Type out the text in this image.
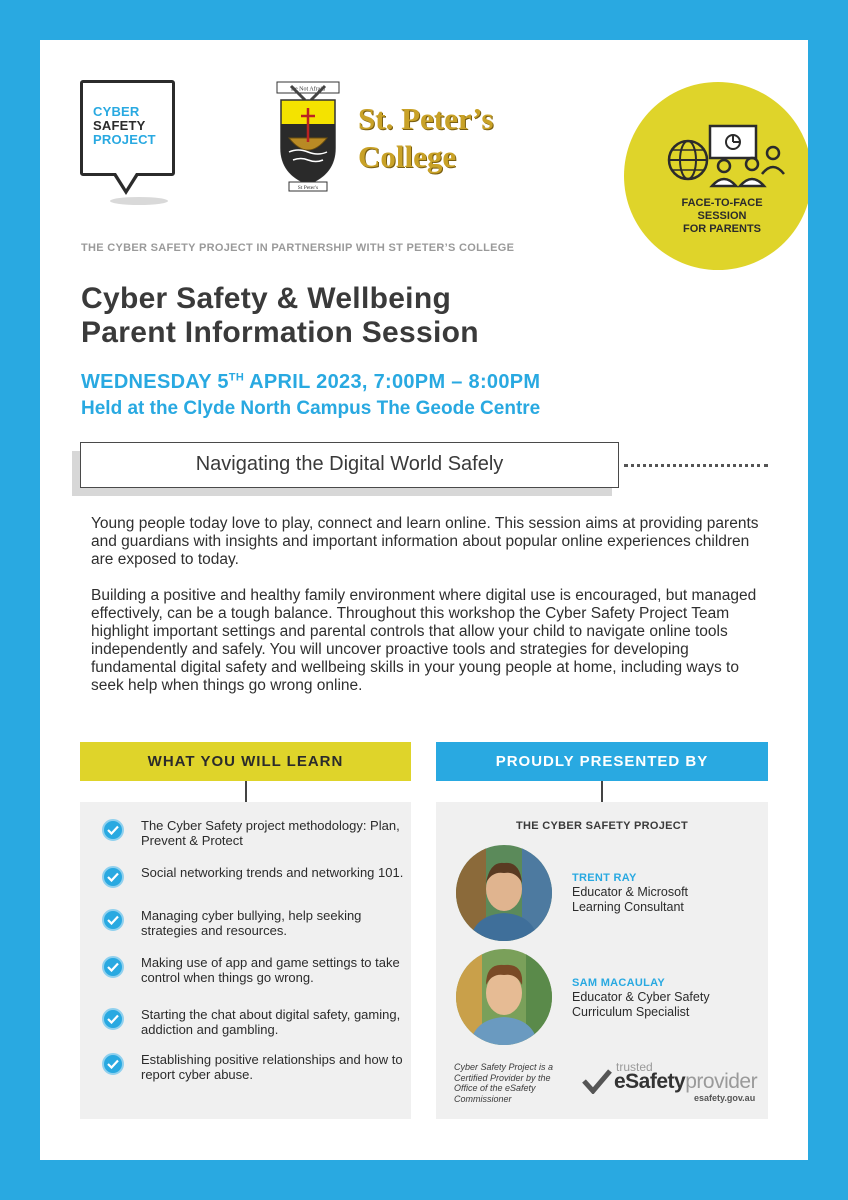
CYBER
SAFETY
PROJECT
Be Not Afraid
St Peter's
St. Peter’s
College
FACE-TO-FACE
SESSION
FOR PARENTS
THE CYBER SAFETY PROJECT IN PARTNERSHIP WITH ST PETER’S COLLEGE
Cyber Safety & Wellbeing
Parent Information Session
WEDNESDAY 5TH APRIL 2023, 7:00PM – 8:00PM
Held at the Clyde North Campus The Geode Centre
Navigating the Digital World Safely
Young people today love to play, connect and learn online. This session aims at providing parents and guardians with insights and important information about popular online experiences children are exposed to today.
Building a positive and healthy family environment where digital use is encouraged, but managed effectively, can be a tough balance. Throughout this workshop the Cyber Safety Project Team highlight important settings and parental controls that allow your child to navigate online tools independently and safely. You will uncover proactive tools and strategies for developing fundamental digital safety and wellbeing skills in your young people at home, including ways to seek help when things go wrong online.
WHAT YOU WILL LEARN
The Cyber Safety project methodology: Plan, Prevent & Protect
Social networking trends and networking 101.
Managing cyber bullying, help seeking strategies and resources.
Making use of app and game settings to take control when things go wrong.
Starting the chat about digital safety, gaming, addiction and gambling.
Establishing positive relationships and how to report cyber abuse.
PROUDLY PRESENTED BY
THE CYBER SAFETY PROJECT
TRENT RAY
Educator & Microsoft
Learning Consultant
SAM MACAULAY
Educator & Cyber Safety
Curriculum Specialist
Cyber Safety Project is a Certified Provider by the Office of the eSafety Commissioner
trusted
eSafetyprovider
esafety.gov.au
